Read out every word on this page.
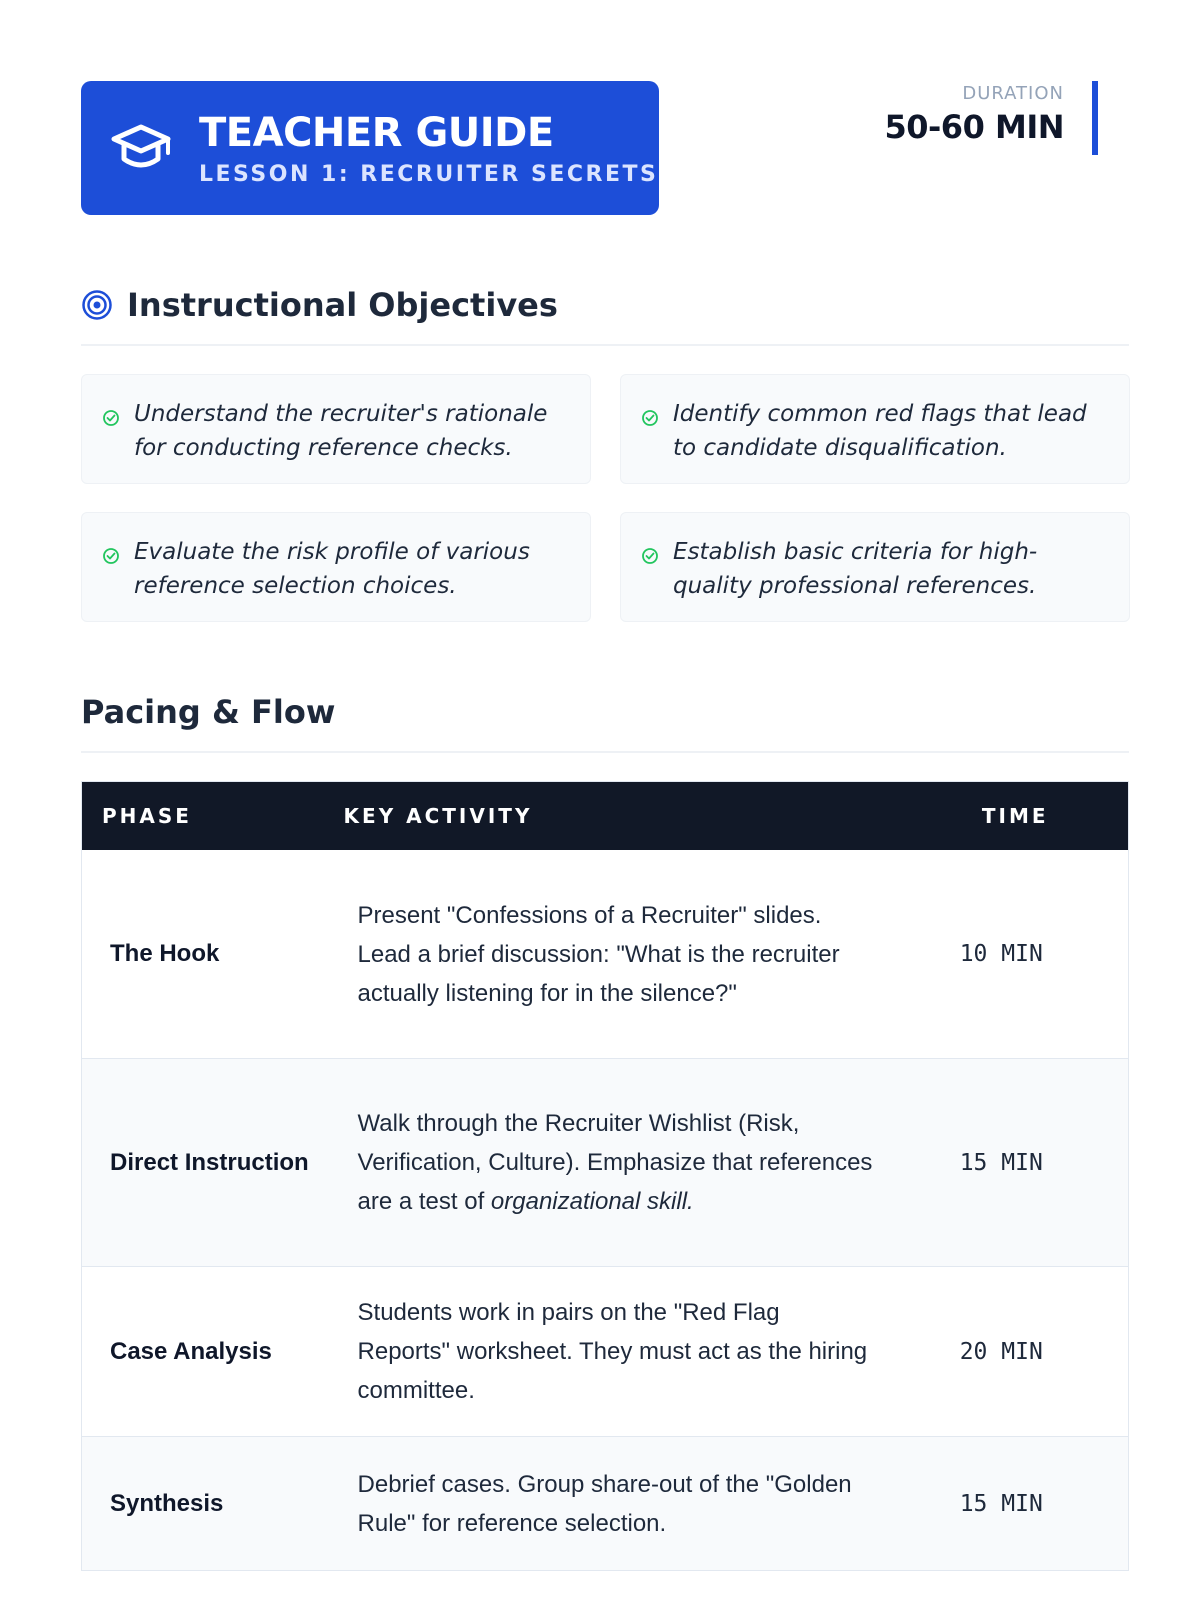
TEACHER GUIDE
LESSON 1: RECRUITER SECRETS
DURATION
50-60 MIN
Instructional Objectives
Understand the recruiter's rationale for conducting reference checks.
Identify common red flags that lead to candidate disqualification.
Evaluate the risk profile of various reference selection choices.
Establish basic criteria for high-quality professional references.
Pacing & Flow
PHASE	KEY ACTIVITY	TIME
The Hook
Present "Confessions of a Recruiter" slides. Lead a brief discussion: "What is the recruiter actually listening for in the silence?"
10 MIN
Direct Instruction
Walk through the Recruiter Wishlist (Risk, Verification, Culture). Emphasize that references are a test of organizational skill.
15 MIN
Case Analysis
Students work in pairs on the "Red Flag Reports" worksheet. They must act as the hiring committee.
20 MIN
Synthesis
Debrief cases. Group share-out of the "Golden Rule" for reference selection.
15 MIN
